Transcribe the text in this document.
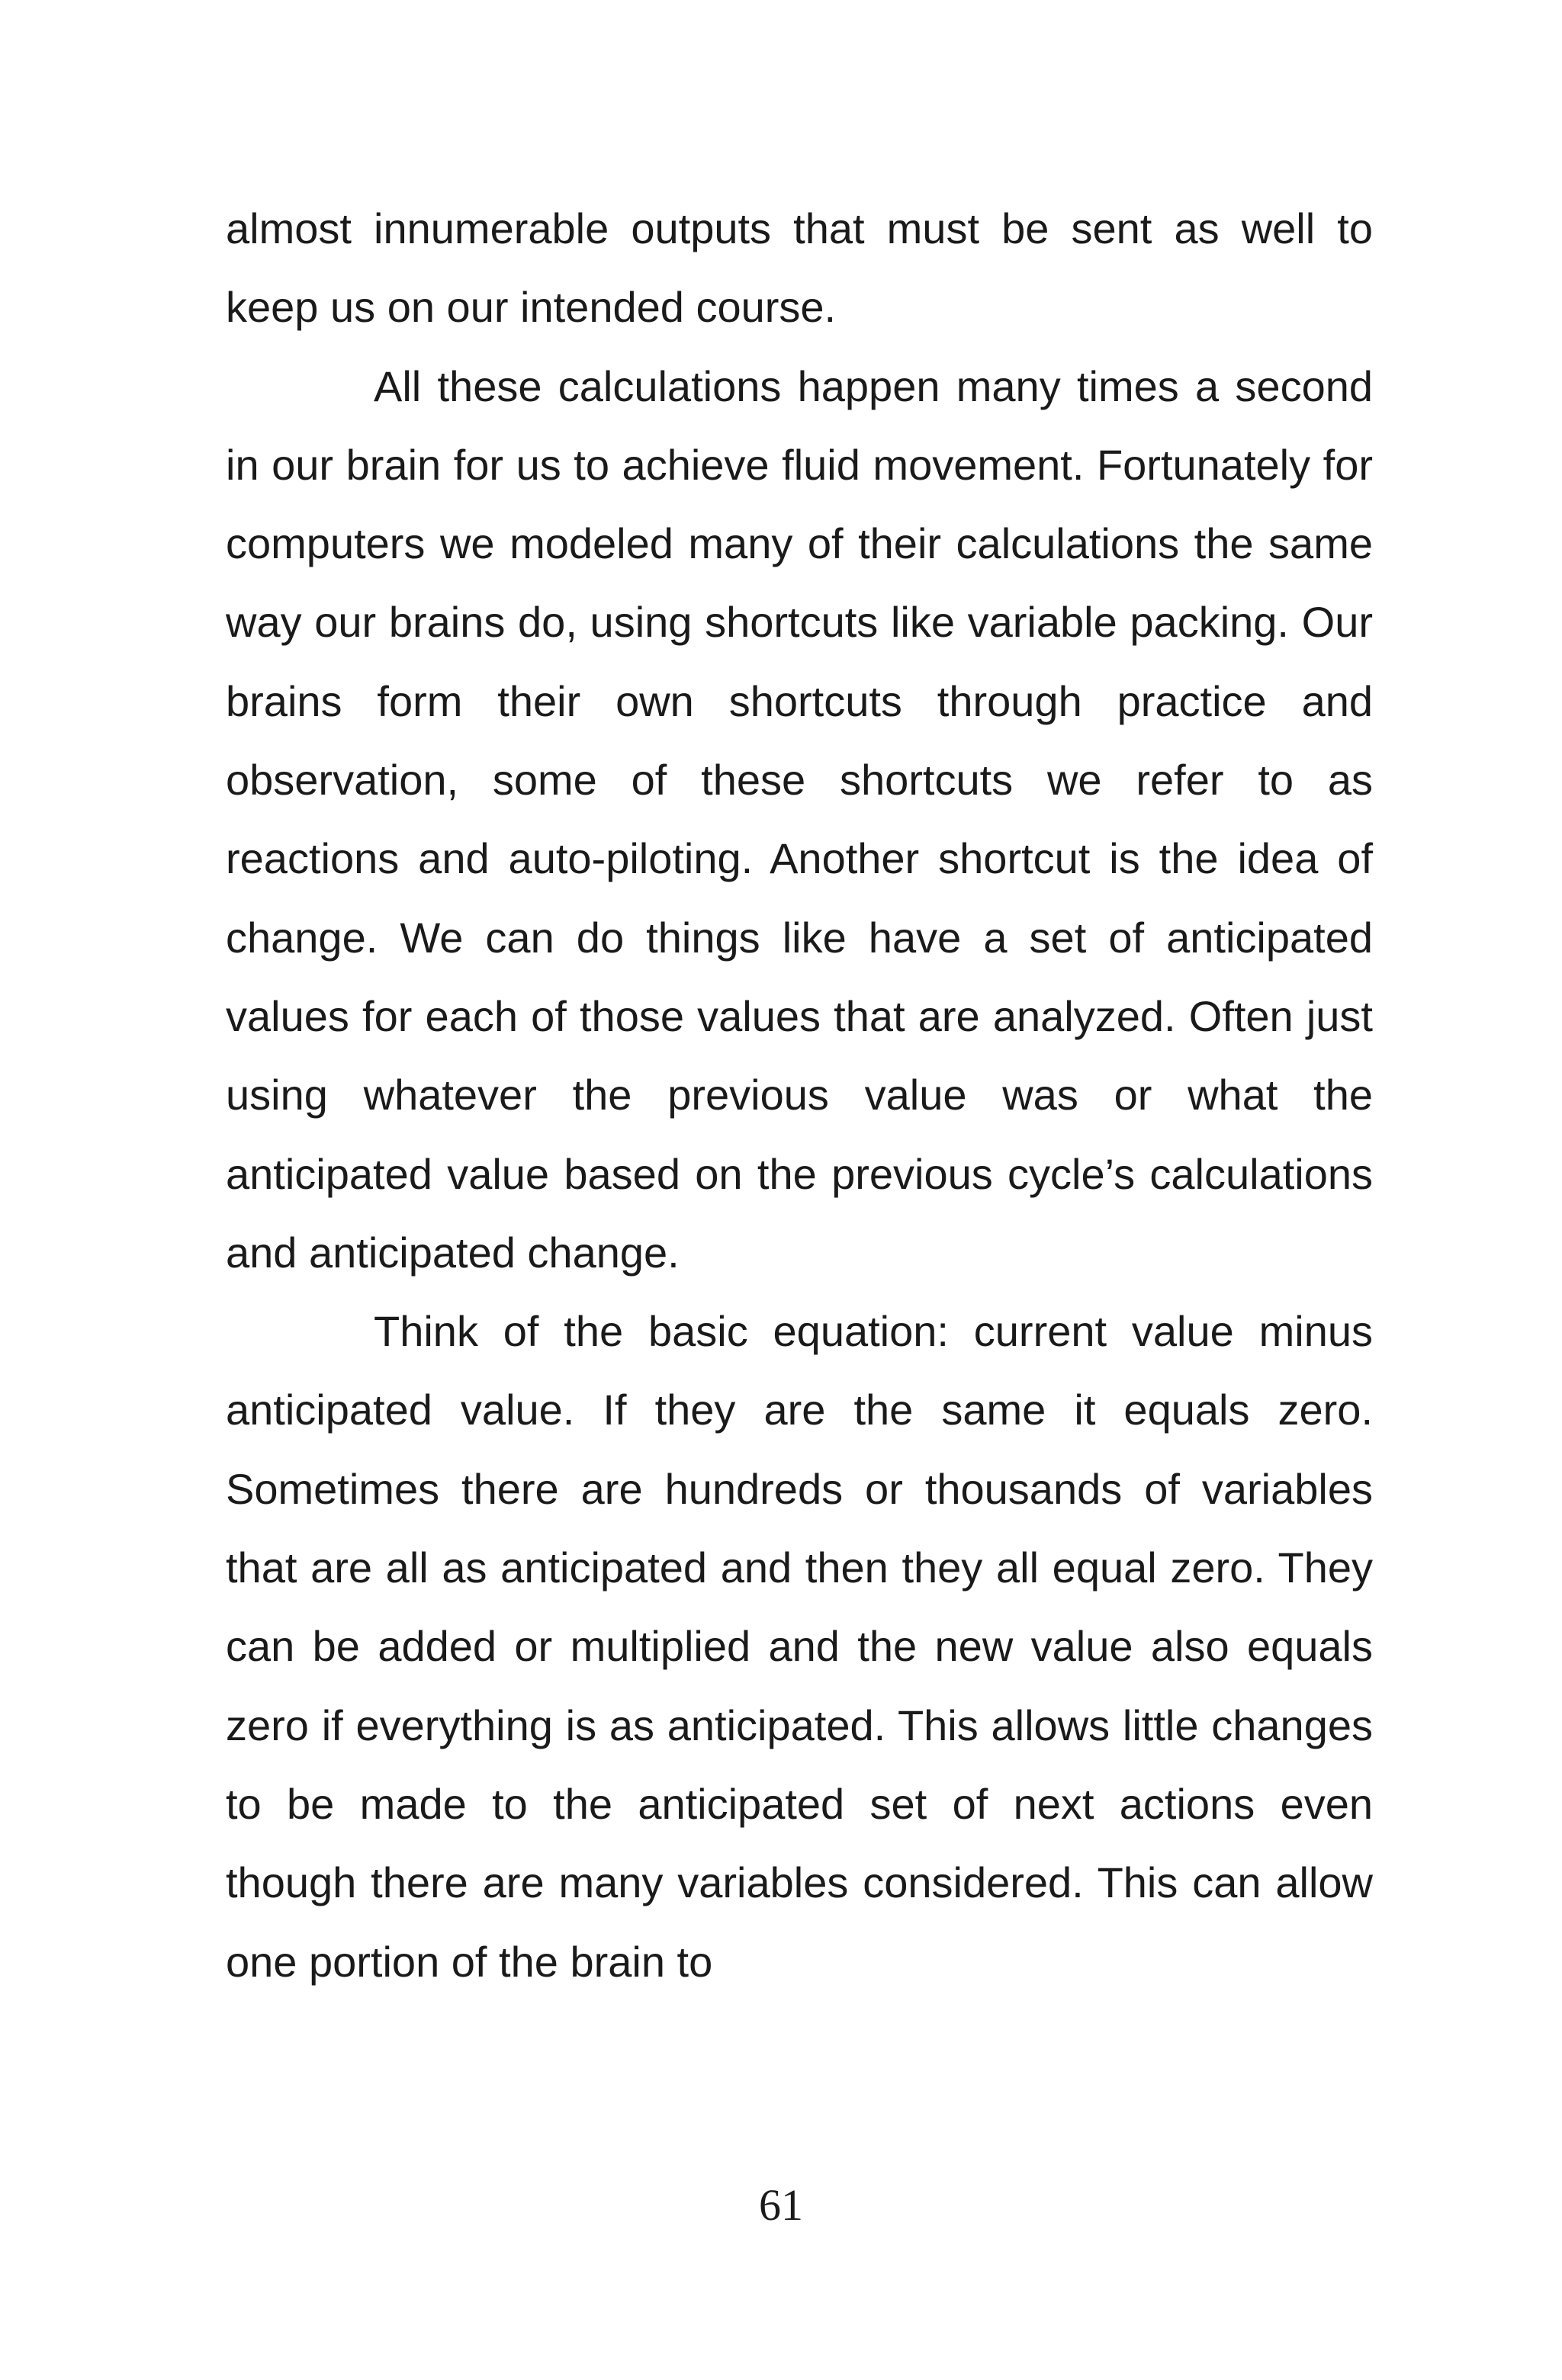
almost innumerable outputs that must be sent as well to keep us on our intended course.

All these calculations happen many times a second in our brain for us to achieve fluid movement. Fortunately for computers we modeled many of their calculations the same way our brains do, using shortcuts like variable packing. Our brains form their own shortcuts through practice and observation, some of these shortcuts we refer to as reactions and auto-piloting. Another shortcut is the idea of change. We can do things like have a set of anticipated values for each of those values that are analyzed. Often just using whatever the previous value was or what the anticipated value based on the previous cycle’s calculations and anticipated change.

Think of the basic equation: current value minus anticipated value. If they are the same it equals zero. Sometimes there are hundreds or thousands of variables that are all as anticipated and then they all equal zero. They can be added or multiplied and the new value also equals zero if everything is as anticipated. This allows little changes to be made to the anticipated set of next actions even though there are many variables considered. This can allow one portion of the brain to

61
